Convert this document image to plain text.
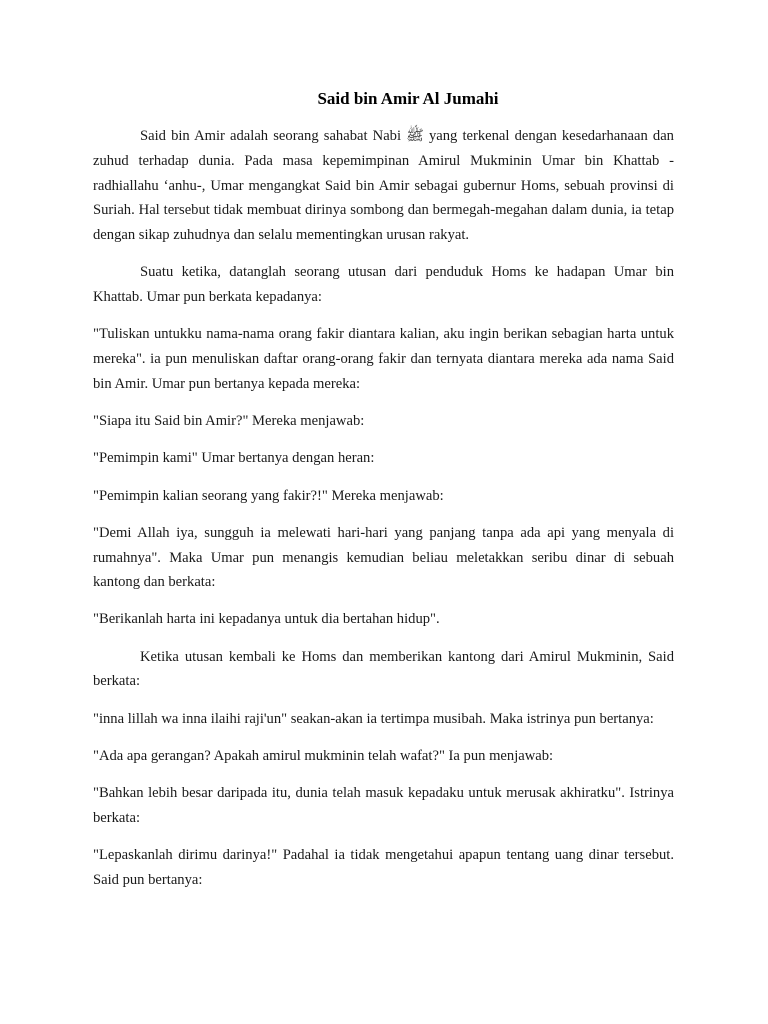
Said bin Amir Al Jumahi

Said bin Amir adalah seorang sahabat Nabi ﷺ yang terkenal dengan kesedarhanaan dan zuhud terhadap dunia. Pada masa kepemimpinan Amirul Mukminin Umar bin Khattab - radhiallahu ‘anhu-, Umar mengangkat Said bin Amir sebagai gubernur Homs, sebuah provinsi di Suriah. Hal tersebut tidak membuat dirinya sombong dan bermegah-megahan dalam dunia, ia tetap dengan sikap zuhudnya dan selalu mementingkan urusan rakyat.

Suatu ketika, datanglah seorang utusan dari penduduk Homs ke hadapan Umar bin Khattab. Umar pun berkata kepadanya:

"Tuliskan untukku nama-nama orang fakir diantara kalian, aku ingin berikan sebagian harta untuk mereka". ia pun menuliskan daftar orang-orang fakir dan ternyata diantara mereka ada nama Said bin Amir. Umar pun bertanya kepada mereka:

"Siapa itu Said bin Amir?" Mereka menjawab:

"Pemimpin kami" Umar bertanya dengan heran:

"Pemimpin kalian seorang yang fakir?!" Mereka menjawab:

"Demi Allah iya, sungguh ia melewati hari-hari yang panjang tanpa ada api yang menyala di rumahnya". Maka Umar pun menangis kemudian beliau meletakkan seribu dinar di sebuah kantong dan berkata:

"Berikanlah harta ini kepadanya untuk dia bertahan hidup".

Ketika utusan kembali ke Homs dan memberikan kantong dari Amirul Mukminin, Said berkata:

"inna lillah wa inna ilaihi raji'un" seakan-akan ia tertimpa musibah. Maka istrinya pun bertanya:

"Ada apa gerangan? Apakah amirul mukminin telah wafat?" Ia pun menjawab:

"Bahkan lebih besar daripada itu, dunia telah masuk kepadaku untuk merusak akhiratku". Istrinya berkata:

"Lepaskanlah dirimu darinya!" Padahal ia tidak mengetahui apapun tentang uang dinar tersebut. Said pun bertanya:
